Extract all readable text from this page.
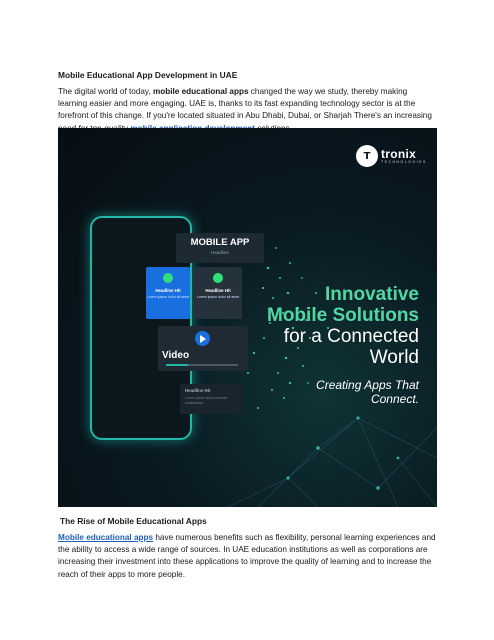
Mobile Educational App Development in UAE
The digital world of today, mobile educational apps changed the way we study, thereby making learning easier and more engaging. UAE is, thanks to its fast expanding technology sector is at the forefront of this change. If you're located situated in Abu Dhabi, Dubai, or Sharjah There's an increasing
T tronix
TECHNOLOGIES
MOBILE APP
Headline
Headline Hit
Lorem ipsum dolor sit amet
Headline Hit
Lorem ipsum dolor sit amet
Video
Headline Hit
Lorem ipsum dolor sit amet consectetur
Innovative
Mobile Solutions
for a Connected
World
Creating Apps That
Connect.
The Rise of Mobile Educational Apps
Mobile educational apps have numerous benefits such as flexibility, personal learning experiences and the ability to access a wide range of sources. In UAE education institutions as well as corporations are increasing their investment into these applications to improve the quality of learning and to increase the reach of their apps to more people.
